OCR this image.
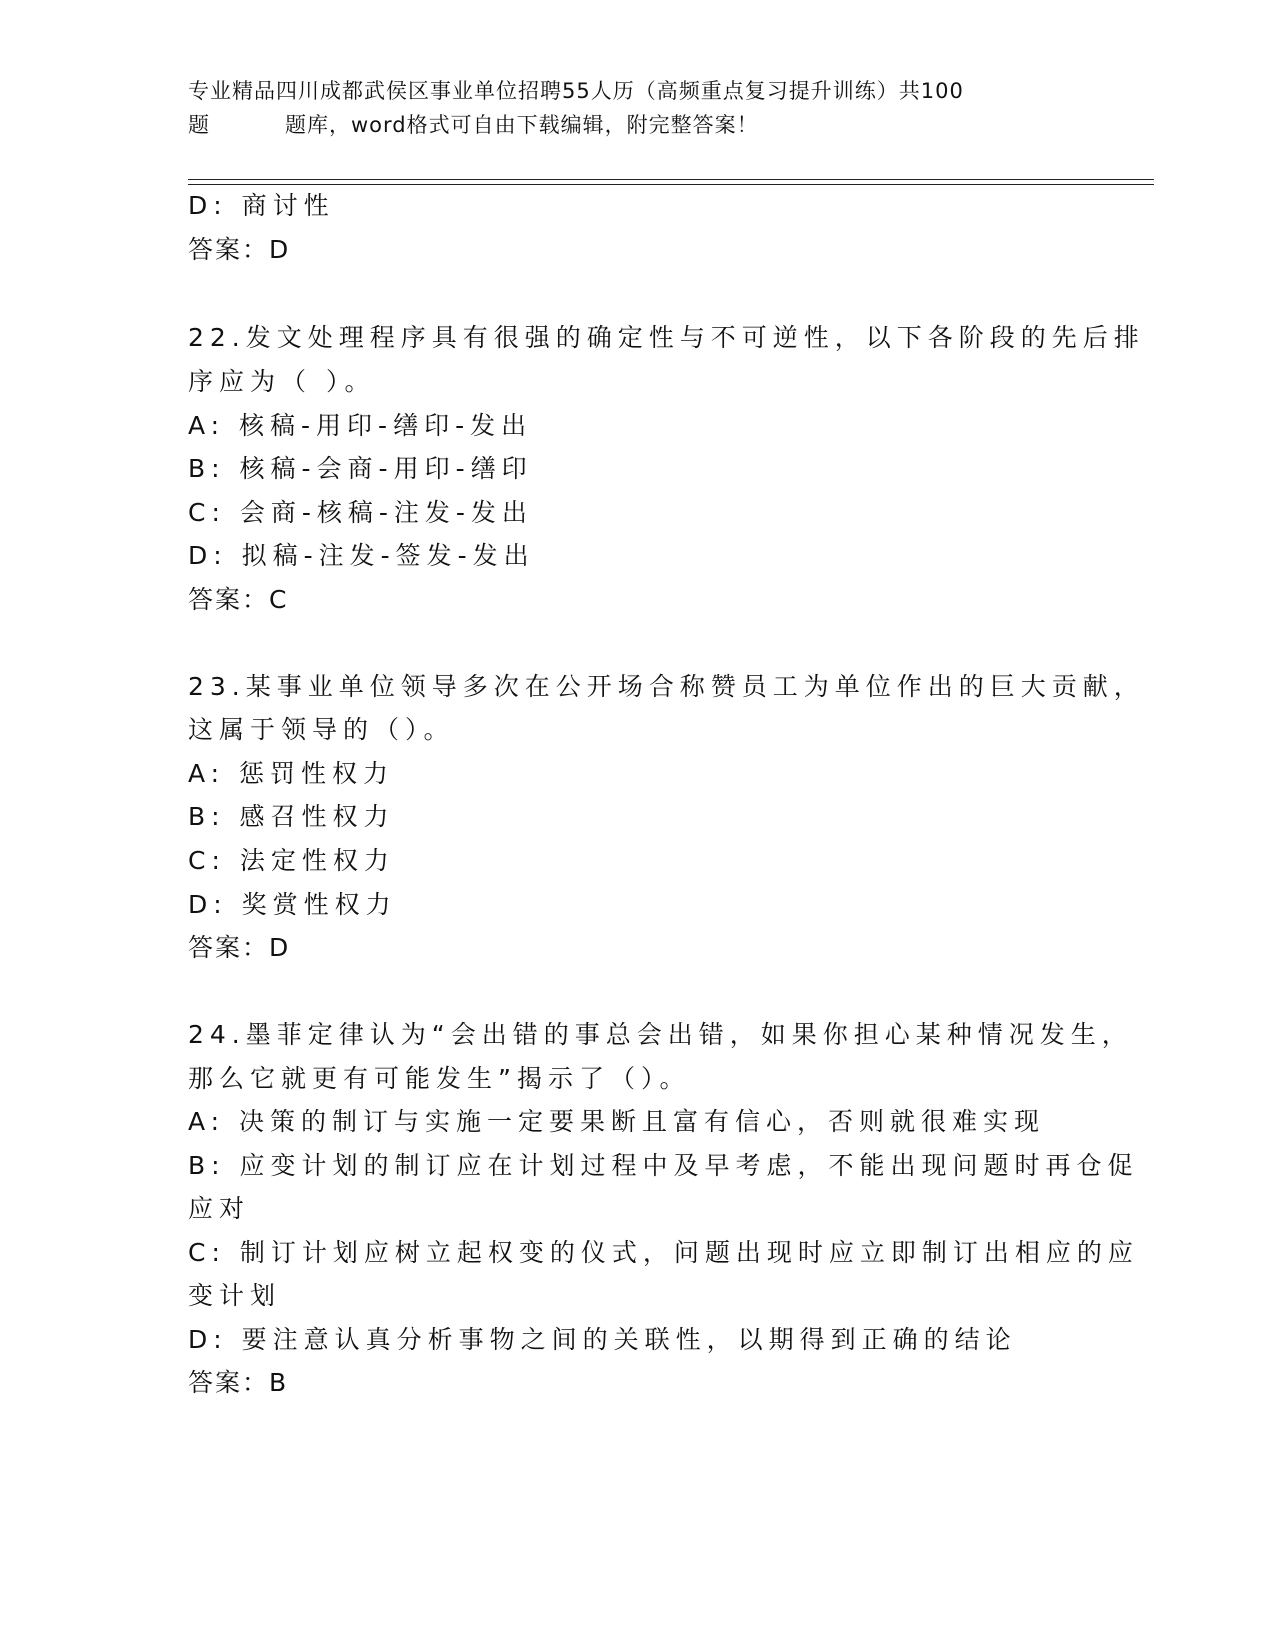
专业精品四川成都武侯区事业单位招聘55人历（高频重点复习提升训练）共100
题	题库，word格式可自由下载编辑，附完整答案！
D: 商讨性
答案：D
22.发文处理程序具有很强的确定性与不可逆性，以下各阶段的先后排
序应为（ ）。
A: 核稿-用印-缮印-发出
B: 核稿-会商-用印-缮印
C: 会商-核稿-注发-发出
D: 拟稿-注发-签发-发出
答案：C
23.某事业单位领导多次在公开场合称赞员工为单位作出的巨大贡献，
这属于领导的（）。
A: 惩罚性权力
B: 感召性权力
C: 法定性权力
D: 奖赏性权力
答案：D
24.墨菲定律认为“会出错的事总会出错，如果你担心某种情况发生，
那么它就更有可能发生”揭示了（）。
A: 决策的制订与实施一定要果断且富有信心，否则就很难实现
B: 应变计划的制订应在计划过程中及早考虑，不能出现问题时再仓促
应对
C: 制订计划应树立起权变的仪式，问题出现时应立即制订出相应的应
变计划
D: 要注意认真分析事物之间的关联性，以期得到正确的结论
答案：B
